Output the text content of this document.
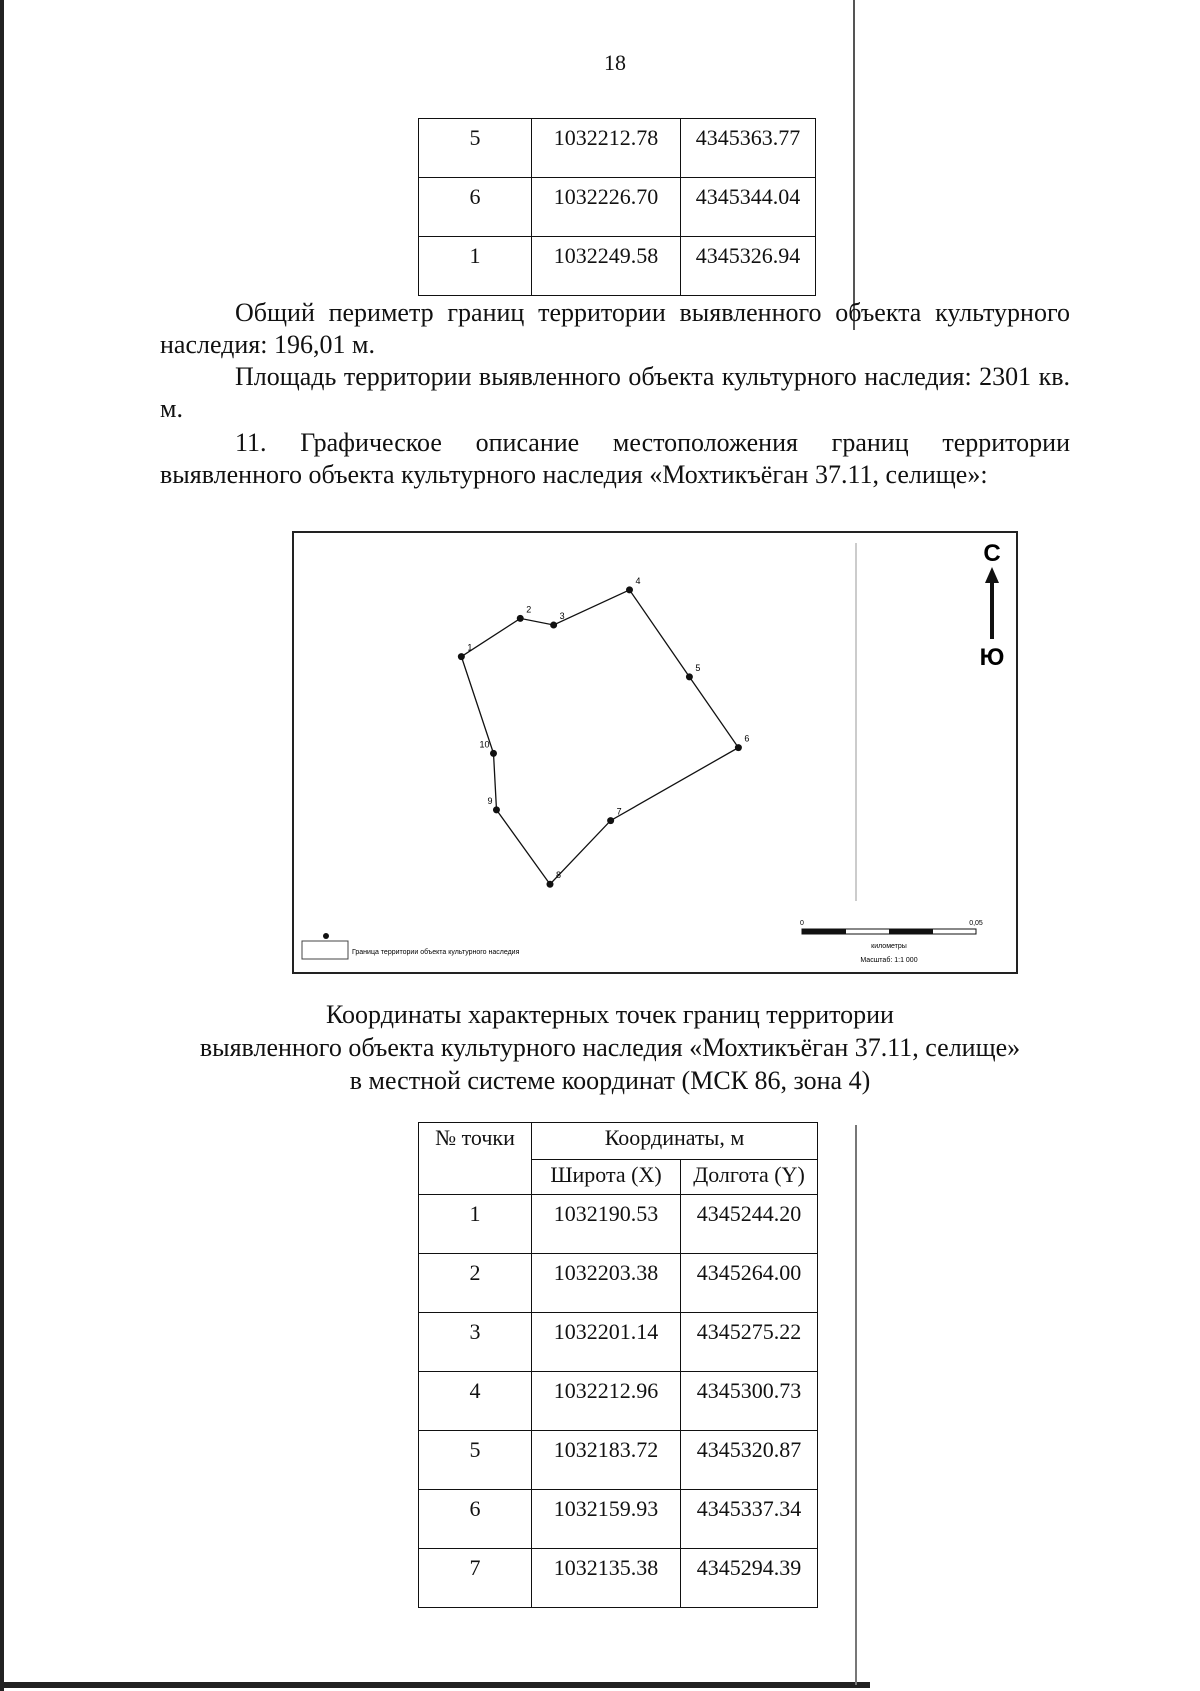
18
5	1032212.78	4345363.77
6	1032226.70	4345344.04
1	1032249.58	4345326.94

Общий периметр границ территории выявленного объекта культурного наследия: 196,01 м.

Площадь территории выявленного объекта культурного наследия: 2301 кв. м.

11. Графическое описание местоположения границ территории выявленного объекта культурного наследия «Мохтикъёган 37.11, селище»:

1
2
3
4
5
6
7
8
9
10
С
Ю
Граница территории объекта культурного наследия
0	0,05
километры
Масштаб: 1:1 000
Координаты характерных точек границ территории
выявленного объекта культурного наследия «Мохтикъёган 37.11, селище»
в местной системе координат (МСК 86, зона 4)
№ точки	Координаты, м	
	Широта (X)	Долгота (Y)
1	1032190.53	4345244.20
2	1032203.38	4345264.00
3	1032201.14	4345275.22
4	1032212.96	4345300.73
5	1032183.72	4345320.87
6	1032159.93	4345337.34
7	1032135.38	4345294.39
